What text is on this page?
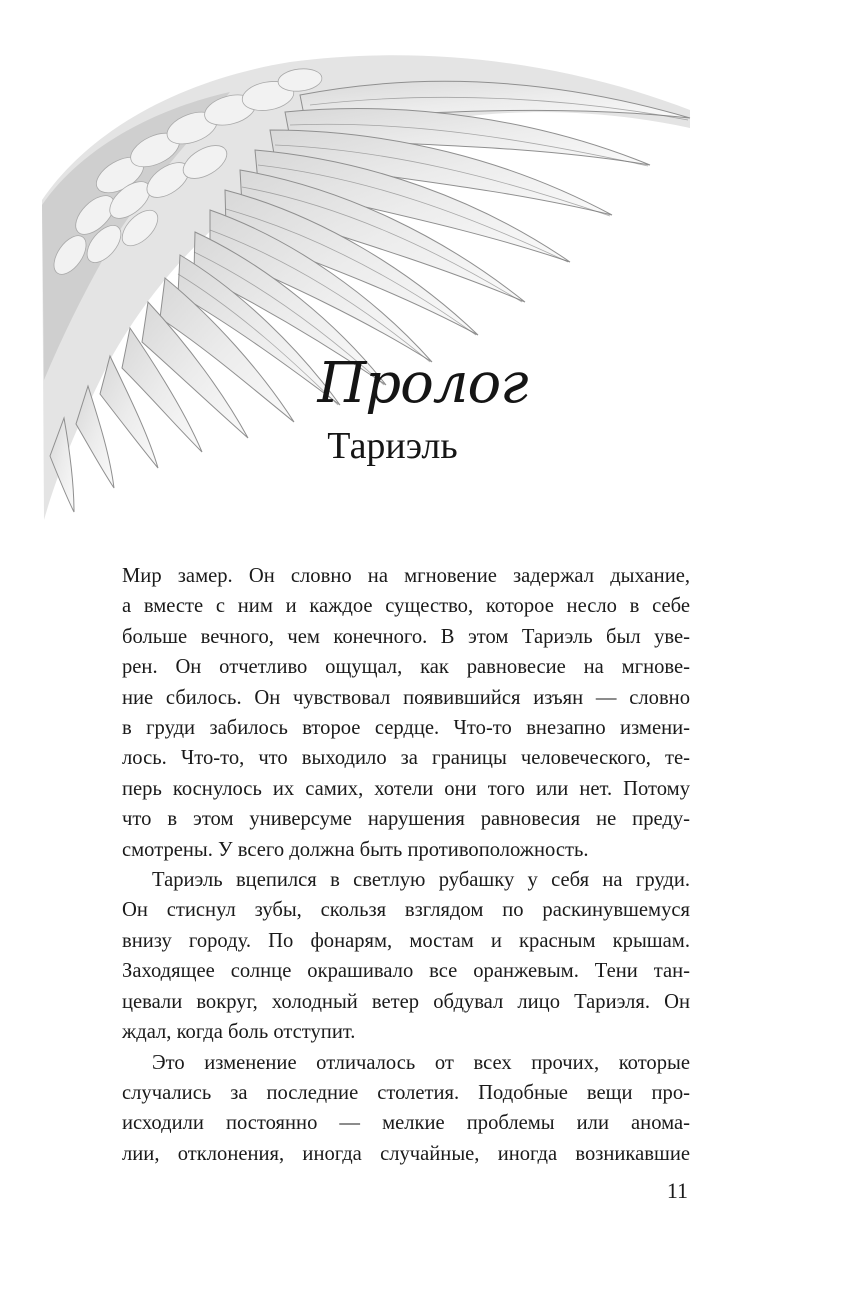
Пролог
Тариэль

Мир замер. Он словно на мгновение задержал дыхание,
а вместе с ним и каждое существо, которое несло в себе
больше вечного, чем конечного. В этом Тариэль был уве-
рен. Он отчетливо ощущал, как равновесие на мгнове-
ние сбилось. Он чувствовал появившийся изъян — словно
в груди забилось второе сердце. Что-то внезапно измени-
лось. Что-то, что выходило за границы человеческого, те-
перь коснулось их самих, хотели они того или нет. Потому
что в этом универсуме нарушения равновесия не преду-
смотрены. У всего должна быть противоположность.

Тариэль вцепился в светлую рубашку у себя на груди.
Он стиснул зубы, скользя взглядом по раскинувшемуся
внизу городу. По фонарям, мостам и красным крышам.
Заходящее солнце окрашивало все оранжевым. Тени тан-
цевали вокруг, холодный ветер обдувал лицо Тариэля. Он
ждал, когда боль отступит.

Это изменение отличалось от всех прочих, которые
случались за последние столетия. Подобные вещи про-
исходили постоянно — мелкие проблемы или анома-
лии, отклонения, иногда случайные, иногда возникавшие

11
